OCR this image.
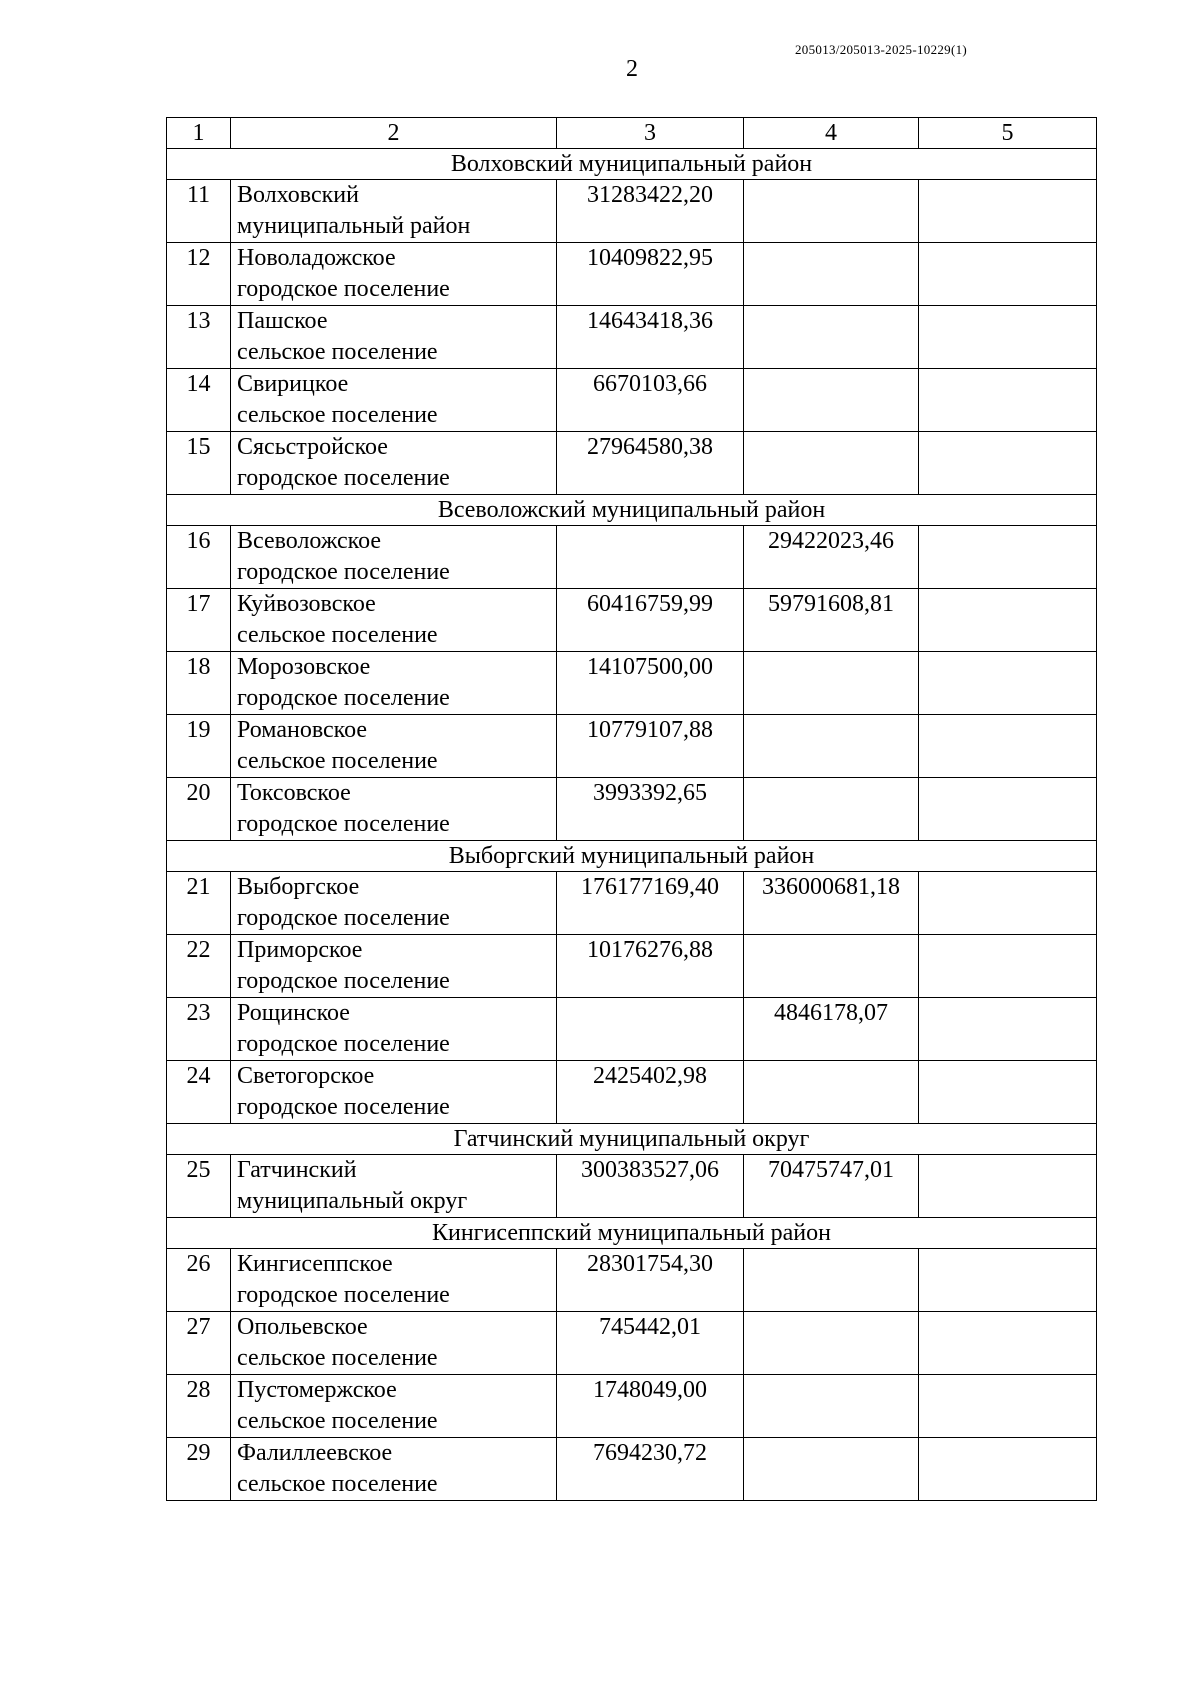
205013/205013-2025-10229(1)
2
1	2	3	4	5
Волховский муниципальный район				
11	Волховский
муниципальный район	31283422,20		
12	Новоладожское
городское поселение	10409822,95		
13	Пашское
сельское поселение	14643418,36		
14	Свирицкое
сельское поселение	6670103,66		
15	Сясьстройское
городское поселение	27964580,38		
Всеволожский муниципальный район				
16	Всеволожское
городское поселение		29422023,46	
17	Куйвозовское
сельское поселение	60416759,99	59791608,81	
18	Морозовское
городское поселение	14107500,00		
19	Романовское
сельское поселение	10779107,88		
20	Токсовское
городское поселение	3993392,65		
Выборгский муниципальный район				
21	Выборгское
городское поселение	176177169,40	336000681,18	
22	Приморское
городское поселение	10176276,88		
23	Рощинское
городское поселение		4846178,07	
24	Светогорское
городское поселение	2425402,98		
Гатчинский муниципальный округ				
25	Гатчинский
муниципальный округ	300383527,06	70475747,01	
Кингисеппский муниципальный район				
26	Кингисеппское
городское поселение	28301754,30		
27	Опольевское
сельское поселение	745442,01		
28	Пустомержское
сельское поселение	1748049,00		
29	Фалиллеевское
сельское поселение	7694230,72		
